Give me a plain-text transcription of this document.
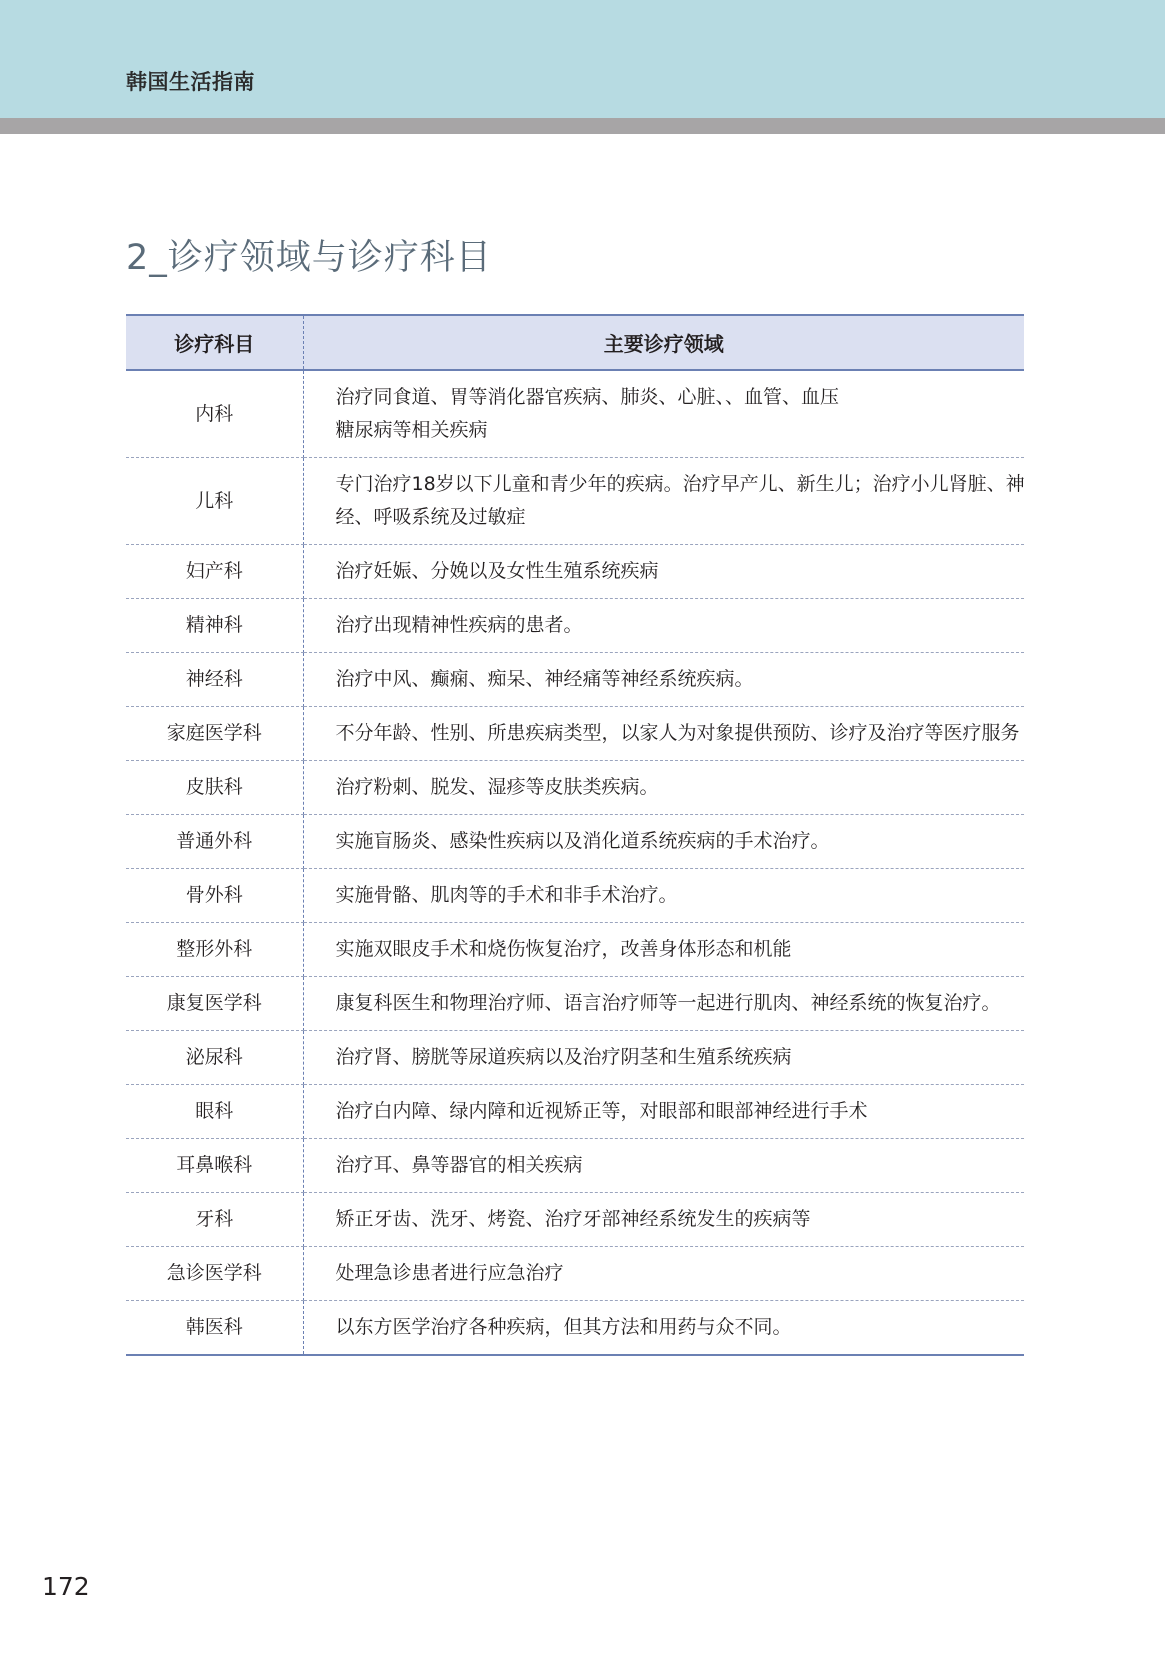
韩国生活指南
2_诊疗领域与诊疗科目
诊疗科目	主要诊疗领域
内科	治疗同食道、胃等消化器官疾病、肺炎、心脏、、血管、血压
糖尿病等相关疾病

儿科	专门治疗18岁以下儿童和青少年的疾病。治疗早产儿、新生儿；治疗小儿肾脏、神
经、呼吸系统及过敏症

妇产科	治疗妊娠、分娩以及女性生殖系统疾病

精神科	治疗出现精神性疾病的患者。

神经科	治疗中风、癫痫、痴呆、神经痛等神经系统疾病。

家庭医学科	不分年龄、性别、所患疾病类型，以家人为对象提供预防、诊疗及治疗等医疗服务

皮肤科	治疗粉刺、脱发、湿疹等皮肤类疾病。

普通外科	实施盲肠炎、感染性疾病以及消化道系统疾病的手术治疗。

骨外科	实施骨骼、肌肉等的手术和非手术治疗。

整形外科	实施双眼皮手术和烧伤恢复治疗，改善身体形态和机能

康复医学科	康复科医生和物理治疗师、语言治疗师等一起进行肌肉、神经系统的恢复治疗。

泌尿科	治疗肾、膀胱等尿道疾病以及治疗阴茎和生殖系统疾病

眼科	治疗白内障、绿内障和近视矫正等，对眼部和眼部神经进行手术

耳鼻喉科	治疗耳、鼻等器官的相关疾病

牙科	矫正牙齿、洗牙、烤瓷、治疗牙部神经系统发生的疾病等

急诊医学科	处理急诊患者进行应急治疗

韩医科	以东方医学治疗各种疾病，但其方法和用药与众不同。
172
